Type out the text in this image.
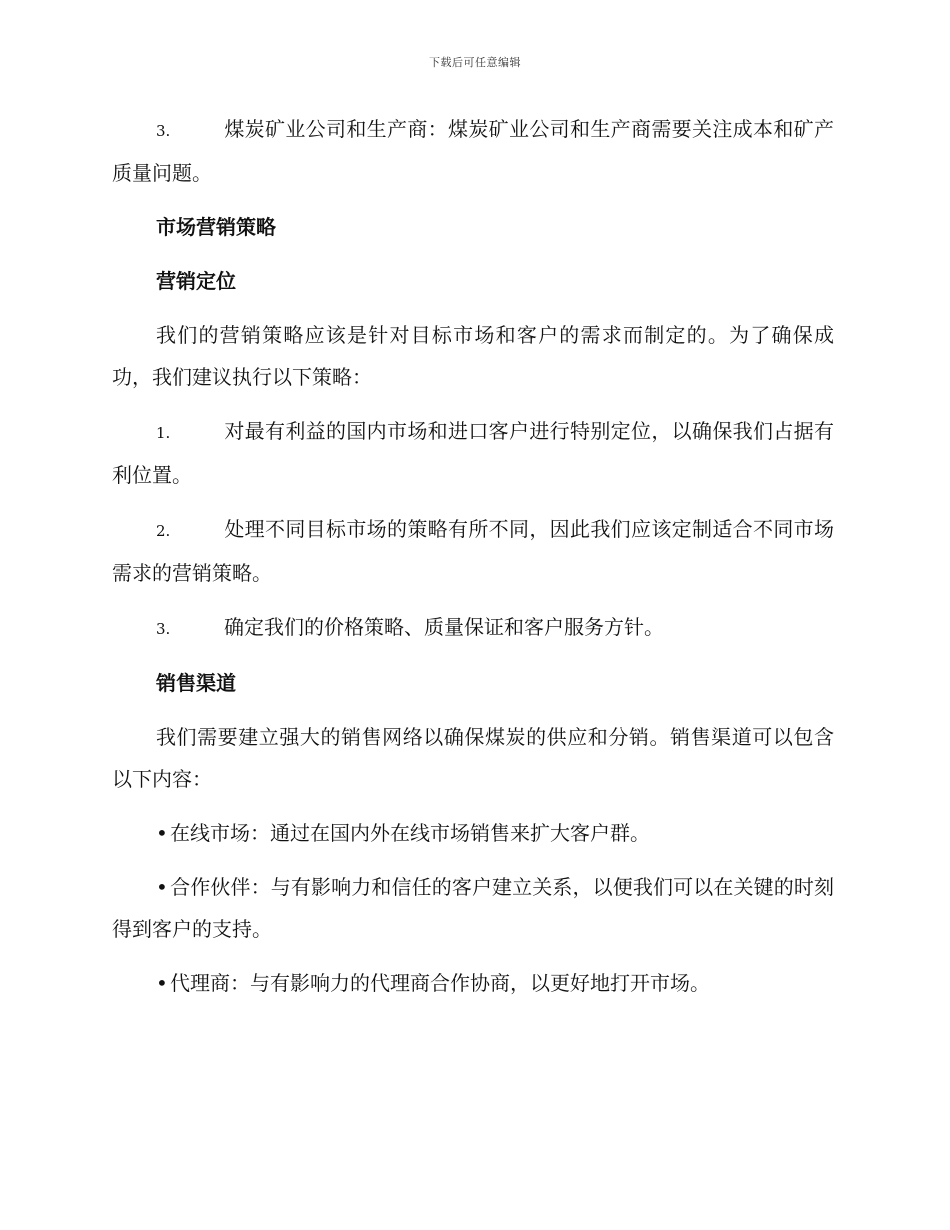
下载后可任意编辑

3.	煤炭矿业公司和生产商：煤炭矿业公司和生产商需要关注成本和矿产质量问题。

市场营销策略
营销定位

我们的营销策略应该是针对目标市场和客户的需求而制定的。为了确保成功，我们建议执行以下策略：

1.	对最有利益的国内市场和进口客户进行特别定位，以确保我们占据有利位置。

2.	处理不同目标市场的策略有所不同，因此我们应该定制适合不同市场需求的营销策略。

3.	确定我们的价格策略、质量保证和客户服务方针。

销售渠道

我们需要建立强大的销售网络以确保煤炭的供应和分销。销售渠道可以包含以下内容：

• 在线市场：通过在国内外在线市场销售来扩大客户群。

• 合作伙伴：与有影响力和信任的客户建立关系，以便我们可以在关键的时刻得到客户的支持。

• 代理商：与有影响力的代理商合作协商，以更好地打开市场。
